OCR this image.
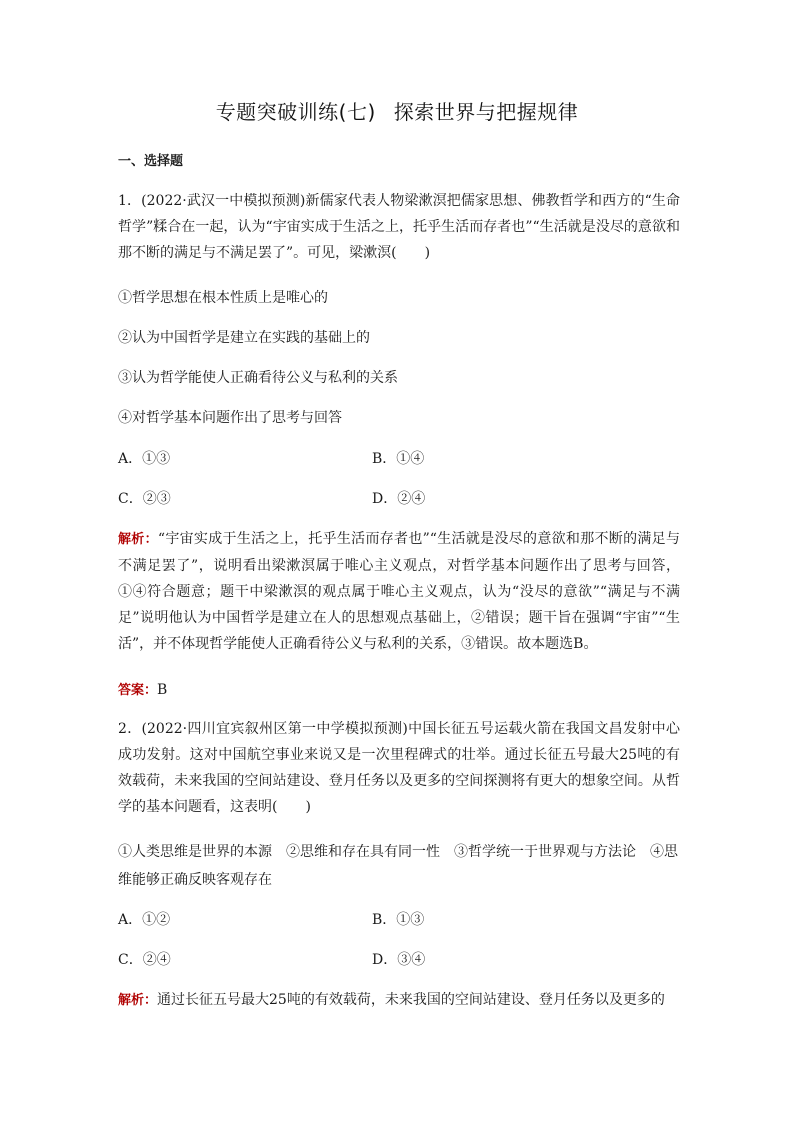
专题突破训练(七) 探索世界与把握规律
一、选择题
1．(2022·武汉一中模拟预测)新儒家代表人物梁漱溟把儒家思想、佛教哲学和西方的“生命哲学”糅合在一起，认为“宇宙实成于生活之上，托乎生活而存者也”“生活就是没尽的意欲和那不断的满足与不满足罢了”。可见，梁漱溟(　　)
①哲学思想在根本性质上是唯心的
②认为中国哲学是建立在实践的基础上的
③认为哲学能使人正确看待公义与私利的关系
④对哲学基本问题作出了思考与回答
A．①③	B．①④
C．②③	D．②④
解析：“宇宙实成于生活之上，托乎生活而存者也”“生活就是没尽的意欲和那不断的满足与不满足罢了”，说明看出梁漱溟属于唯心主义观点，对哲学基本问题作出了思考与回答，①④符合题意；题干中梁漱溟的观点属于唯心主义观点，认为“没尽的意欲”“满足与不满足”说明他认为中国哲学是建立在人的思想观点基础上，②错误；题干旨在强调“宇宙”“生活”，并不体现哲学能使人正确看待公义与私利的关系，③错误。故本题选B。
答案：B
2．(2022·四川宜宾叙州区第一中学模拟预测)中国长征五号运载火箭在我国文昌发射中心成功发射。这对中国航空事业来说又是一次里程碑式的壮举。通过长征五号最大25吨的有效载荷，未来我国的空间站建设、登月任务以及更多的空间探测将有更大的想象空间。从哲学的基本问题看，这表明(　　)
①人类思维是世界的本源　②思维和存在具有同一性　③哲学统一于世界观与方法论　④思
维能够正确反映客观存在
A．①②	B．①③
C．②④	D．③④
解析：通过长征五号最大25吨的有效载荷，未来我国的空间站建设、登月任务以及更多的
